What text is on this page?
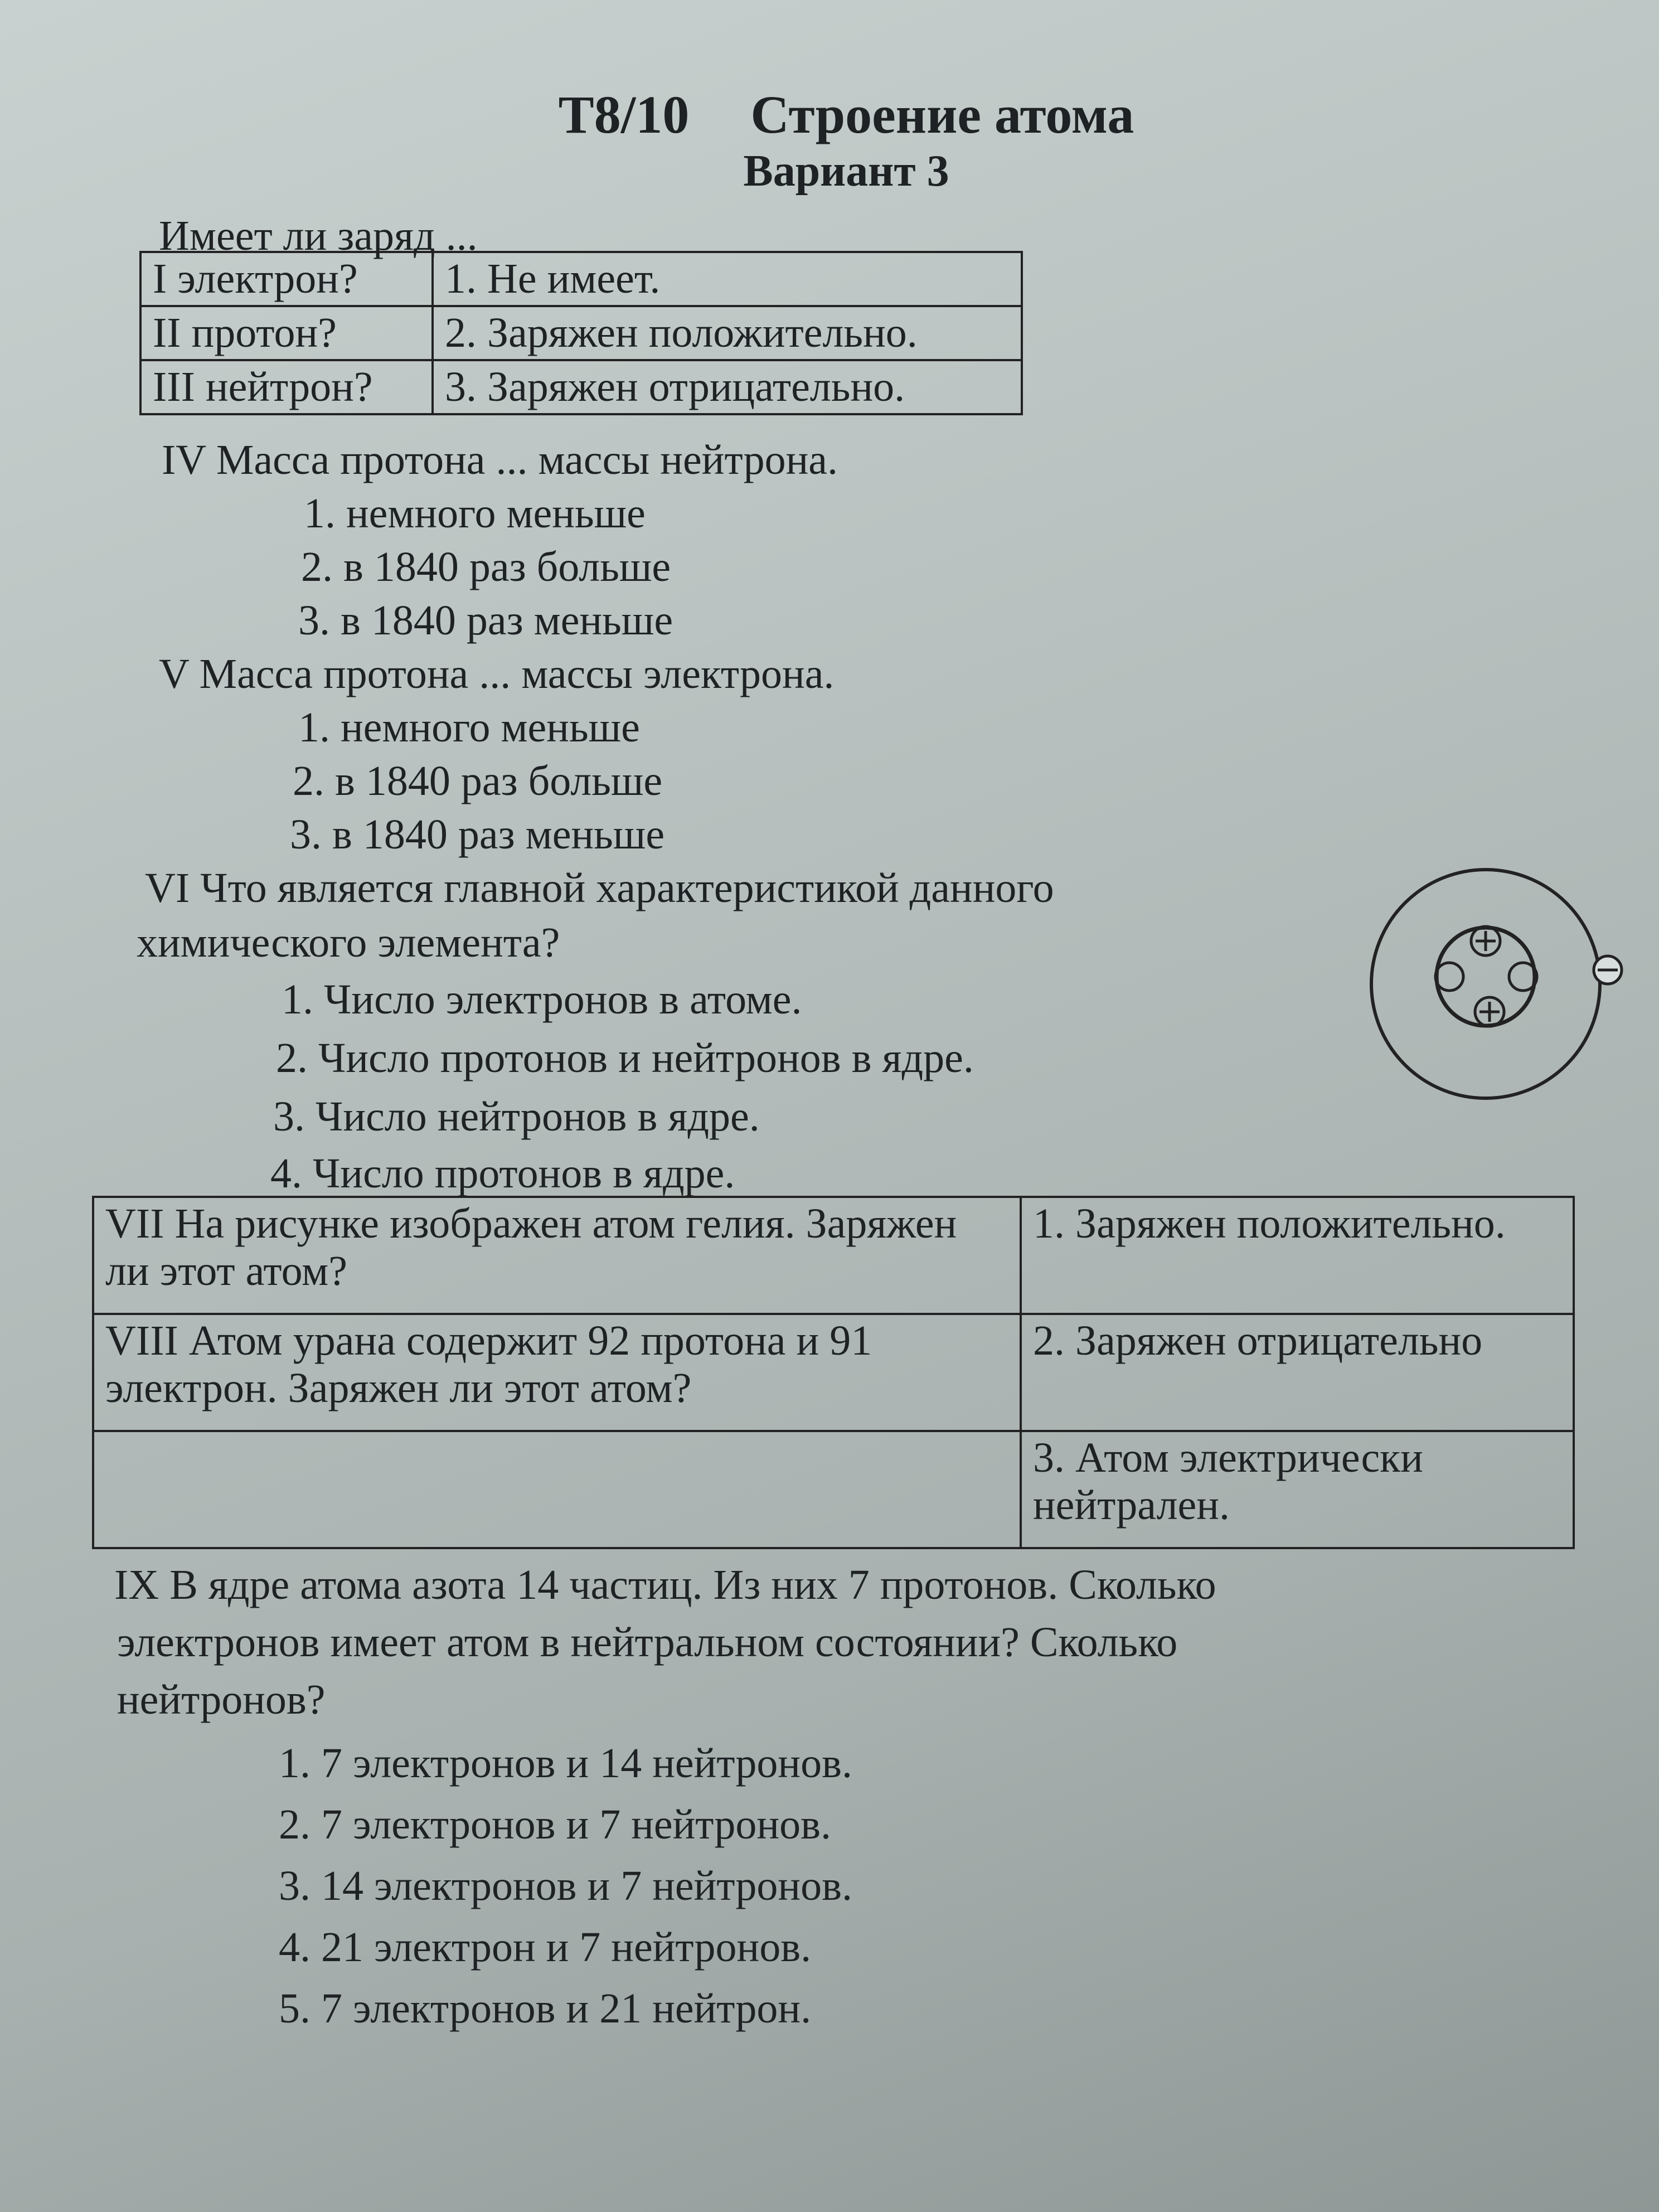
Т8/10 Строение атома
Вариант 3

Имеет ли заряд ...

I электрон?	1. Не имеет.
II протон?	2. Заряжен положительно.
III нейтрон?	3. Заряжен отрицательно.

IV Масса протона ... массы нейтрона.

1. немного меньше

2. в 1840 раз больше

3. в 1840 раз меньше

V Масса протона ... массы электрона.

1. немного меньше

2. в 1840 раз больше

3. в 1840 раз меньше

VI Что является главной характеристикой данного

химического элемента?

1. Число электронов в атоме.

2. Число протонов и нейтронов в ядре.

3. Число нейтронов в ядре.

4. Число протонов в ядре.

VII На рисунке изображен атом гелия. Заряжен ли этот атом?	1. Заряжен положительно.
VIII Атом урана содержит 92 протона и 91 электрон. Заряжен ли этот атом?	2. Заряжен отрицательно
	3. Атом электрически нейтрален.

IX В ядре атома азота 14 частиц. Из них 7 протонов. Сколько

электронов имеет атом в нейтральном состоянии? Сколько

нейтронов?

1. 7 электронов и 14 нейтронов.

2. 7 электронов и 7 нейтронов.

3. 14 электронов и 7 нейтронов.

4. 21 электрон и 7 нейтронов.

5. 7 электронов и 21 нейтрон.
